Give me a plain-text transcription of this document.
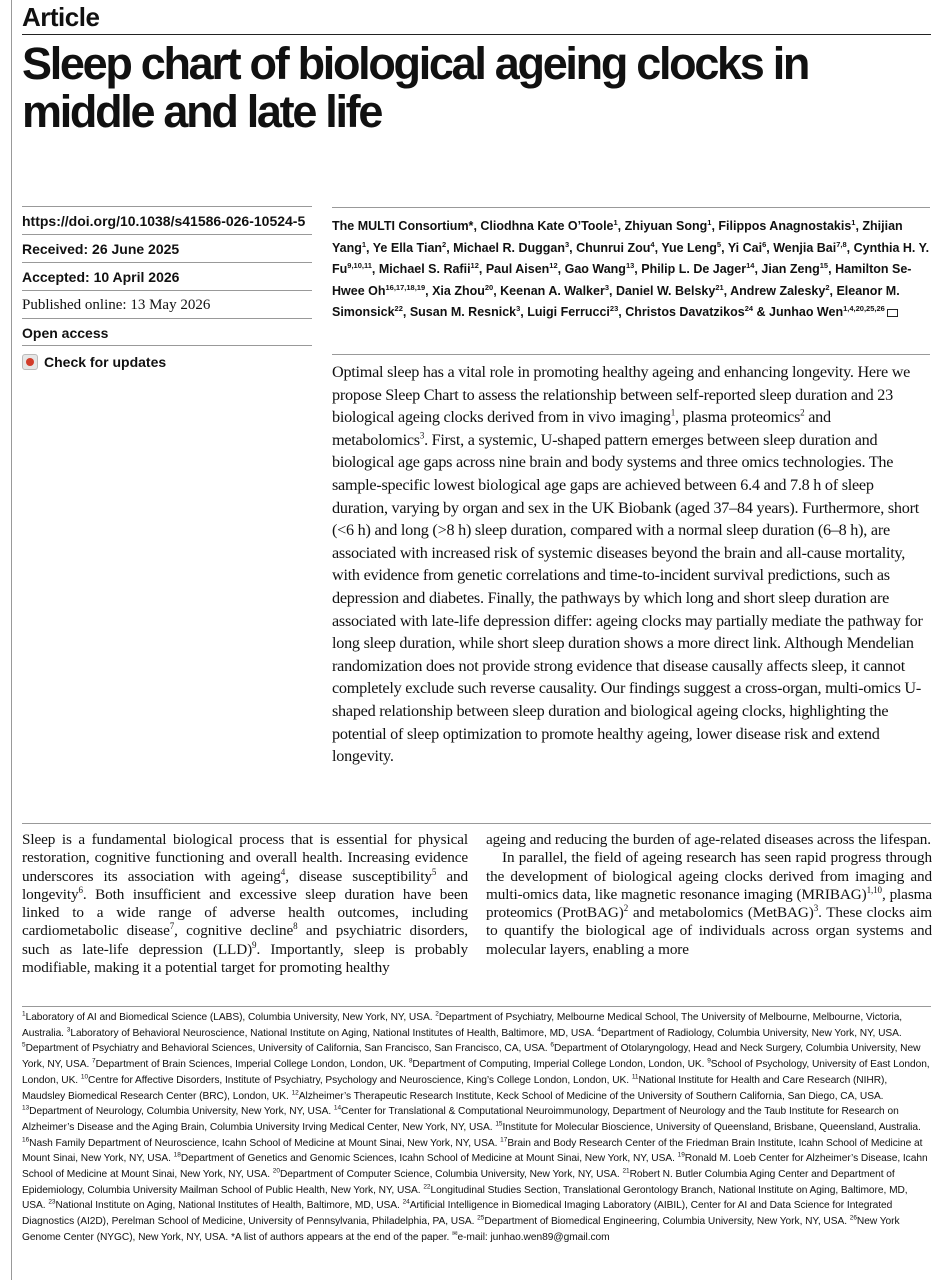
Article
Sleep chart of biological ageing clocks in middle and late life
https://doi.org/10.1038/s41586-026-10524-5
Received: 26 June 2025
Accepted: 10 April 2026
Published online: 13 May 2026
Open access
Check for updates
The MULTI Consortium*, Cliodhna Kate O’Toole$^1$, Zhiyuan Song$^1$, Filippos Anagnostakis$^1$, Zhijian Yang$^1$, Ye Ella Tian$^2$, Michael R. Duggan$^3$, Chunrui Zou$^4$, Yue Leng$^5$, Yi Cai$^6$, Wenjia Bai$^{7,8}$, Cynthia H. Y. Fu$^{9,10,11}$, Michael S. Rafii$^{12}$, Paul Aisen$^{12}$, Gao Wang$^{13}$, Philip L. De Jager$^{14}$, Jian Zeng$^{15}$, Hamilton Se-Hwee Oh$^{16,17,18,19}$, Xia Zhou$^{20}$, Keenan A. Walker$^3$, Daniel W. Belsky$^{21}$, Andrew Zalesky$^2$, Eleanor M. Simonsick$^{22}$, Susan M. Resnick$^3$, Luigi Ferrucci$^{23}$, Christos Davatzikos$^{24}$ & Junhao Wen$^{1,4,20,25,26}$
Optimal sleep has a vital role in promoting healthy ageing and enhancing longevity. Here we propose Sleep Chart to assess the relationship between self-reported sleep duration and 23 biological ageing clocks derived from in vivo imaging$^1$, plasma proteomics$^2$ and metabolomics$^3$. First, a systemic, U-shaped pattern emerges between sleep duration and biological age gaps across nine brain and body systems and three omics technologies. The sample-specific lowest biological age gaps are achieved between 6.4 and 7.8 h of sleep duration, varying by organ and sex in the UK Biobank (aged 37–84 years). Furthermore, short (<6 h) and long (>8 h) sleep duration, compared with a normal sleep duration (6–8 h), are associated with increased risk of systemic diseases beyond the brain and all-cause mortality, with evidence from genetic correlations and time-to-incident survival predictions, such as depression and diabetes. Finally, the pathways by which long and short sleep duration are associated with late-life depression differ: ageing clocks may partially mediate the pathway for long sleep duration, while short sleep duration shows a more direct link. Although Mendelian randomization does not provide strong evidence that disease causally affects sleep, it cannot completely exclude such reverse causality. Our findings suggest a cross-organ, multi-omics U-shaped relationship between sleep duration and biological ageing clocks, highlighting the potential of sleep optimization to promote healthy ageing, lower disease risk and extend longevity.

Sleep is a fundamental biological process that is essential for physical restoration, cognitive functioning and overall health. Increasing evidence underscores its association with ageing$^4$, disease susceptibility$^5$ and longevity$^6$. Both insufficient and excessive sleep duration have been linked to a wide range of adverse health outcomes, including cardiometabolic disease$^7$, cognitive decline$^8$ and psychiatric disorders, such as late-life depression (LLD)$^9$. Importantly, sleep is probably modifiable, making it a potential target for promoting healthy

ageing and reducing the burden of age-related diseases across the lifespan.

In parallel, the field of ageing research has seen rapid progress through the development of biological ageing clocks derived from imaging and multi-omics data, like magnetic resonance imaging (MRIBAG)$^{1,10}$, plasma proteomics (ProtBAG)$^2$ and metabolomics (MetBAG)$^3$. These clocks aim to quantify the biological age of individuals across organ systems and molecular layers, enabling a more

$^1$Laboratory of AI and Biomedical Science (LABS), Columbia University, New York, NY, USA. $^2$Department of Psychiatry, Melbourne Medical School, The University of Melbourne, Melbourne, Victoria, Australia. $^3$Laboratory of Behavioral Neuroscience, National Institute on Aging, National Institutes of Health, Baltimore, MD, USA. $^4$Department of Radiology, Columbia University, New York, NY, USA. $^5$Department of Psychiatry and Behavioral Sciences, University of California, San Francisco, San Francisco, CA, USA. $^6$Department of Otolaryngology, Head and Neck Surgery, Columbia University, New York, NY, USA. $^7$Department of Brain Sciences, Imperial College London, London, UK. $^8$Department of Computing, Imperial College London, London, UK. $^9$School of Psychology, University of East London, London, UK. $^{10}$Centre for Affective Disorders, Institute of Psychiatry, Psychology and Neuroscience, King’s College London, London, UK. $^{11}$National Institute for Health and Care Research (NIHR), Maudsley Biomedical Research Center (BRC), London, UK. $^{12}$Alzheimer’s Therapeutic Research Institute, Keck School of Medicine of the University of Southern California, San Diego, CA, USA. $^{13}$Department of Neurology, Columbia University, New York, NY, USA. $^{14}$Center for Translational & Computational Neuroimmunology, Department of Neurology and the Taub Institute for Research on Alzheimer’s Disease and the Aging Brain, Columbia University Irving Medical Center, New York, NY, USA. $^{15}$Institute for Molecular Bioscience, University of Queensland, Brisbane, Queensland, Australia. $^{16}$Nash Family Department of Neuroscience, Icahn School of Medicine at Mount Sinai, New York, NY, USA. $^{17}$Brain and Body Research Center of the Friedman Brain Institute, Icahn School of Medicine at Mount Sinai, New York, NY, USA. $^{18}$Department of Genetics and Genomic Sciences, Icahn School of Medicine at Mount Sinai, New York, NY, USA. $^{19}$Ronald M. Loeb Center for Alzheimer’s Disease, Icahn School of Medicine at Mount Sinai, New York, NY, USA. $^{20}$Department of Computer Science, Columbia University, New York, NY, USA. $^{21}$Robert N. Butler Columbia Aging Center and Department of Epidemiology, Columbia University Mailman School of Public Health, New York, NY, USA. $^{22}$Longitudinal Studies Section, Translational Gerontology Branch, National Institute on Aging, Baltimore, MD, USA. $^{23}$National Institute on Aging, National Institutes of Health, Baltimore, MD, USA. $^{24}$Artificial Intelligence in Biomedical Imaging Laboratory (AIBIL), Center for AI and Data Science for Integrated Diagnostics (AI2D), Perelman School of Medicine, University of Pennsylvania, Philadelphia, PA, USA. $^{25}$Department of Biomedical Engineering, Columbia University, New York, NY, USA. $^{26}$New York Genome Center (NYGC), New York, NY, USA. *A list of authors appears at the end of the paper. ✉e-mail: junhao.wen89@gmail.com
